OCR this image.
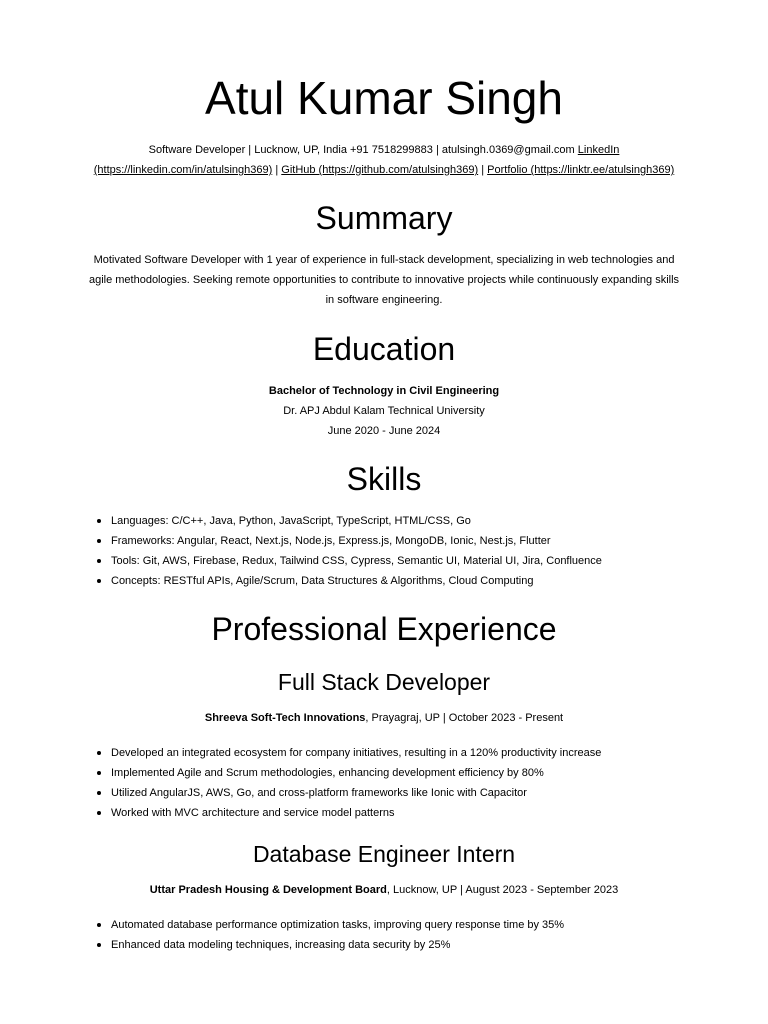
Atul Kumar Singh
Software Developer | Lucknow, UP, India +91 7518299883 | atulsingh.0369@gmail.com LinkedIn
(https://linkedin.com/in/atulsingh369) | GitHub (https://github.com/atulsingh369) | Portfolio (https://linktr.ee/atulsingh369)
Summary
Motivated Software Developer with 1 year of experience in full-stack development, specializing in web technologies and
agile methodologies. Seeking remote opportunities to contribute to innovative projects while continuously expanding skills
in software engineering.
Education
Bachelor of Technology in Civil Engineering
Dr. APJ Abdul Kalam Technical University
June 2020 - June 2024
Skills
Languages: C/C++, Java, Python, JavaScript, TypeScript, HTML/CSS, Go
Frameworks: Angular, React, Next.js, Node.js, Express.js, MongoDB, Ionic, Nest.js, Flutter
Tools: Git, AWS, Firebase, Redux, Tailwind CSS, Cypress, Semantic UI, Material UI, Jira, Confluence
Concepts: RESTful APIs, Agile/Scrum, Data Structures & Algorithms, Cloud Computing
Professional Experience
Full Stack Developer
Shreeva Soft-Tech Innovations, Prayagraj, UP | October 2023 - Present
Developed an integrated ecosystem for company initiatives, resulting in a 120% productivity increase
Implemented Agile and Scrum methodologies, enhancing development efficiency by 80%
Utilized AngularJS, AWS, Go, and cross-platform frameworks like Ionic with Capacitor
Worked with MVC architecture and service model patterns
Database Engineer Intern
Uttar Pradesh Housing & Development Board, Lucknow, UP | August 2023 - September 2023
Automated database performance optimization tasks, improving query response time by 35%
Enhanced data modeling techniques, increasing data security by 25%
